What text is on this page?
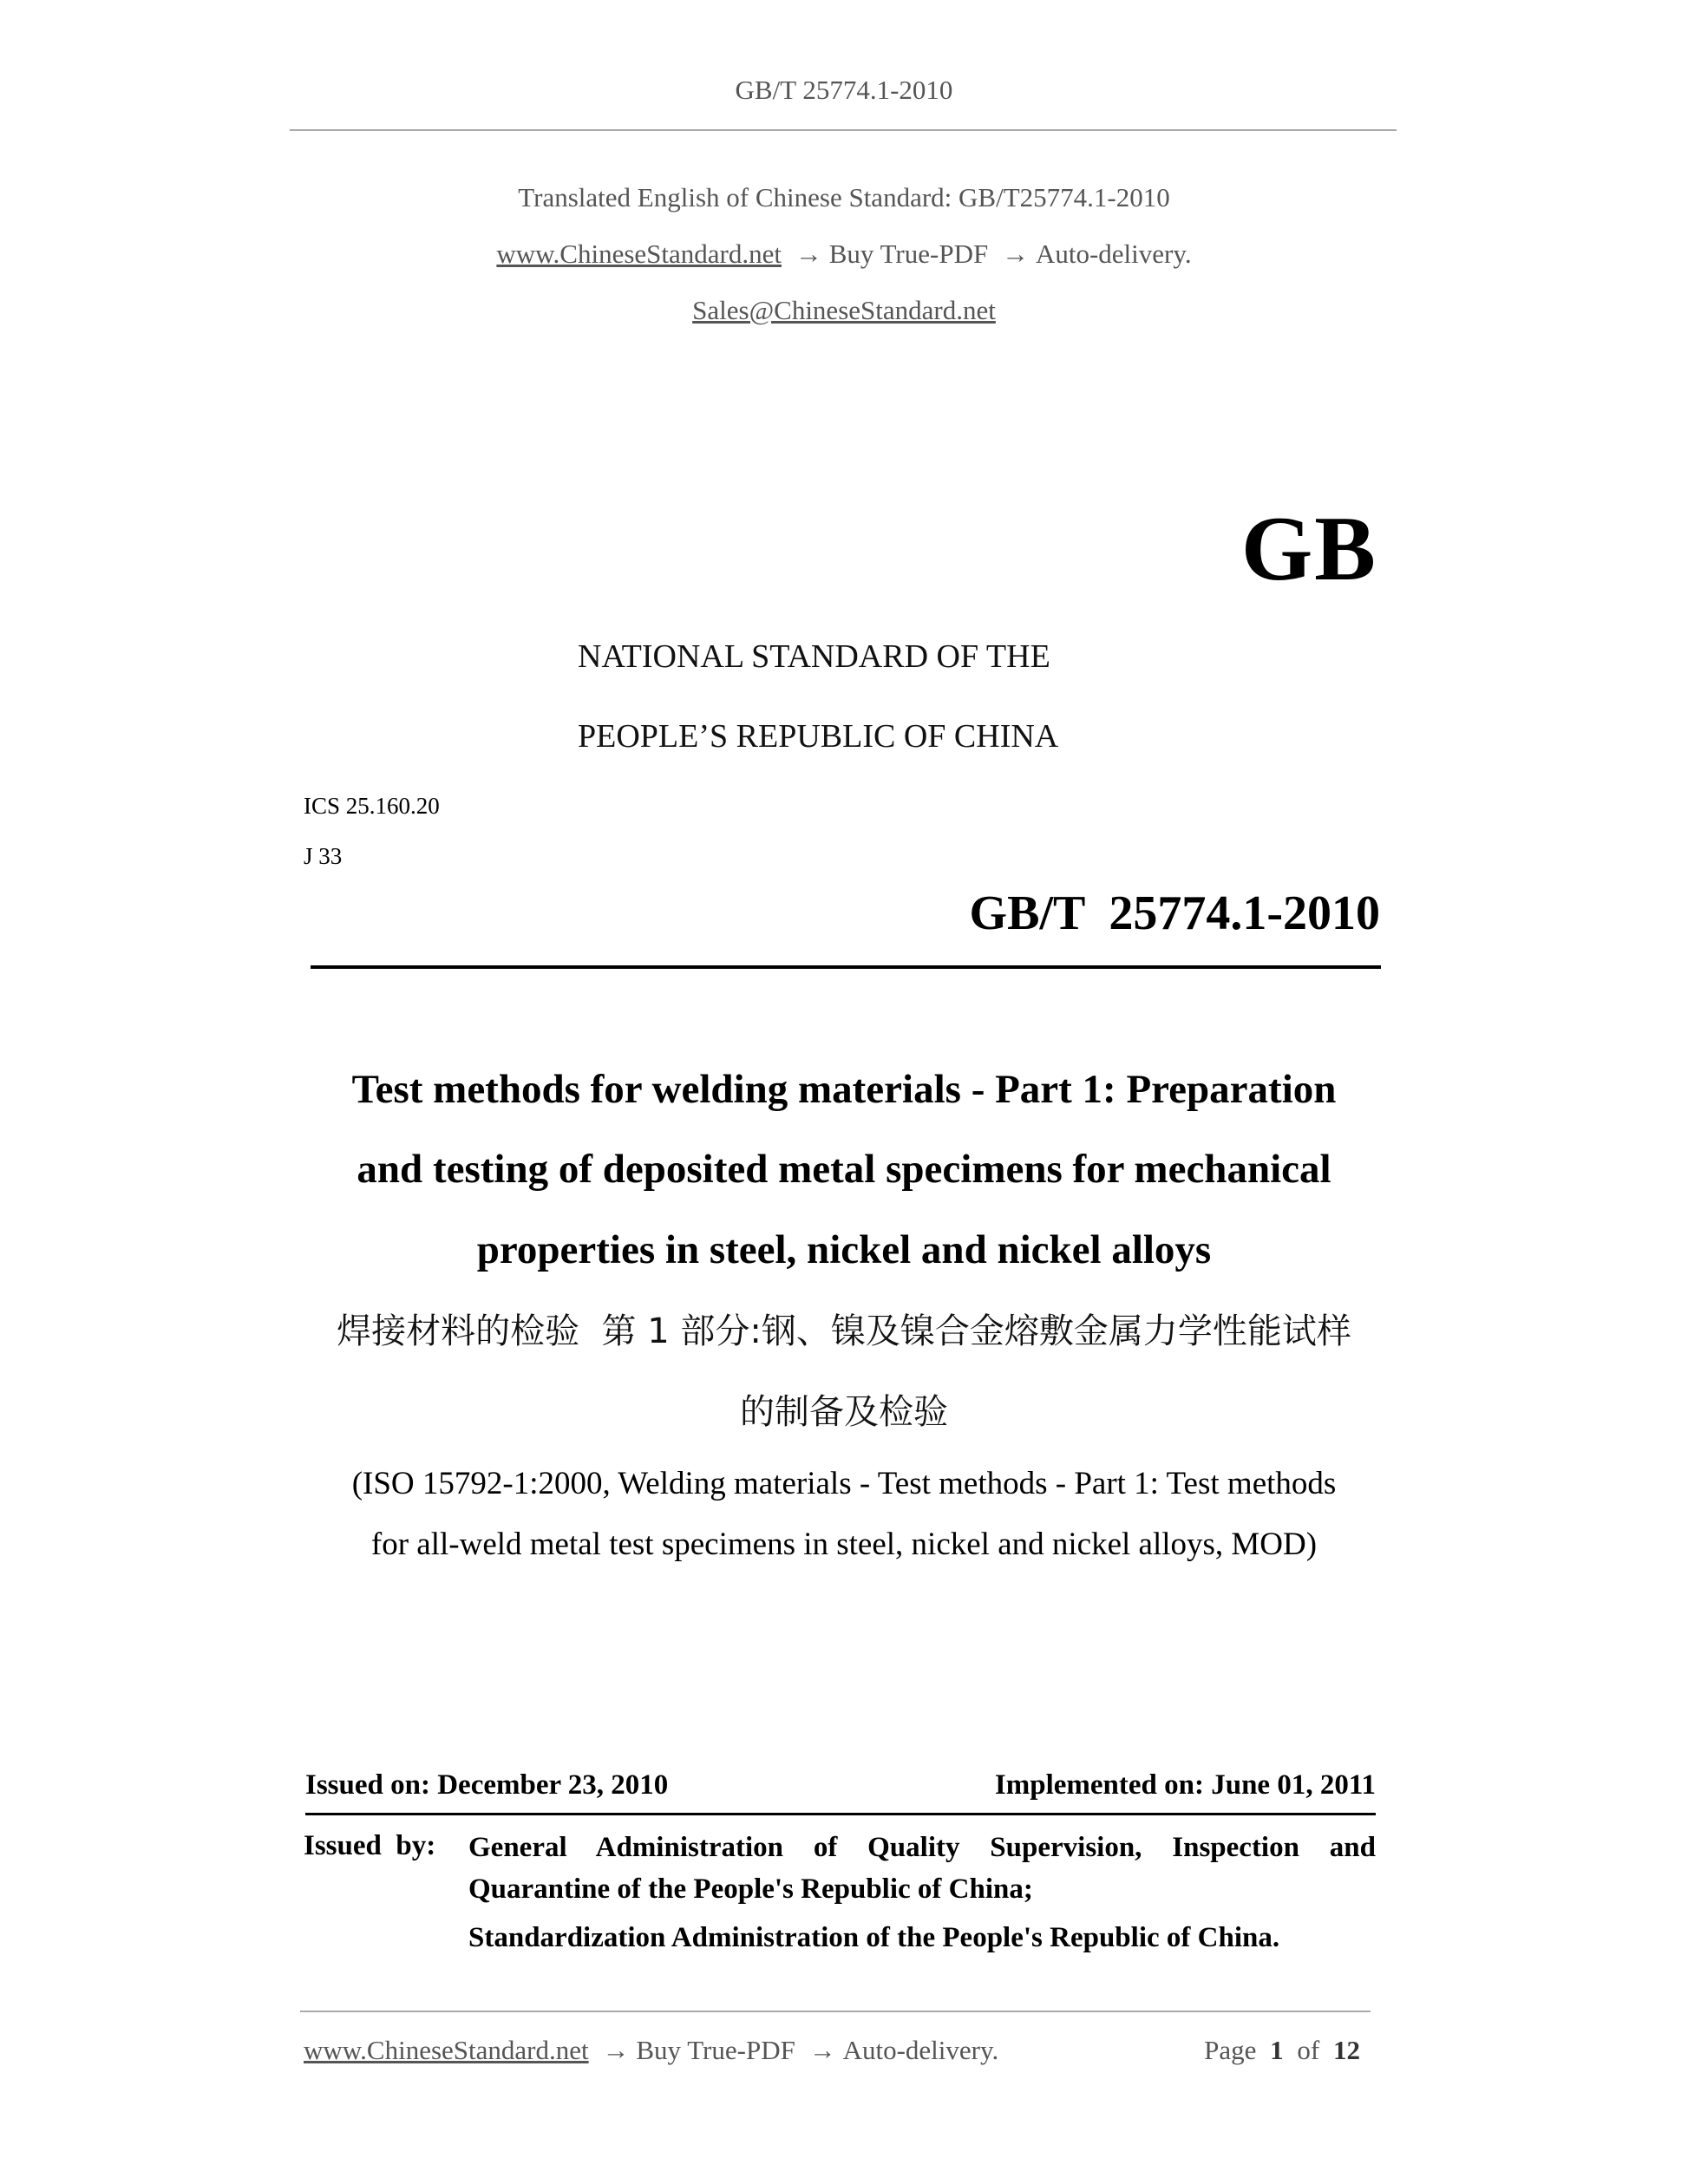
GB/T 25774.1-2010
Translated English of Chinese Standard: GB/T25774.1-2010
www.ChineseStandard.net → Buy True-PDF → Auto-delivery.
Sales@ChineseStandard.net
GB
NATIONAL STANDARD OF THE
PEOPLE’S REPUBLIC OF CHINA
ICS 25.160.20
J 33
GB/T  25774.1-2010
Test methods for welding materials - Part 1: Preparation
and testing of deposited metal specimens for mechanical
properties in steel, nickel and nickel alloys
焊接材料的检验  第 1 部分:钢、镍及镍合金熔敷金属力学性能试样
的制备及检验
(ISO 15792-1:2000, Welding materials - Test methods - Part 1: Test methods
for all-weld metal test specimens in steel, nickel and nickel alloys, MOD)
Issued on: December 23, 2010	Implemented on: June 01, 2011
Issued  by: General Administration of Quality Supervision, Inspection and Quarantine of the People's Republic of China;
Standardization Administration of the People's Republic of China.
www.ChineseStandard.net → Buy True-PDF → Auto-delivery.	Page 1 of 12
